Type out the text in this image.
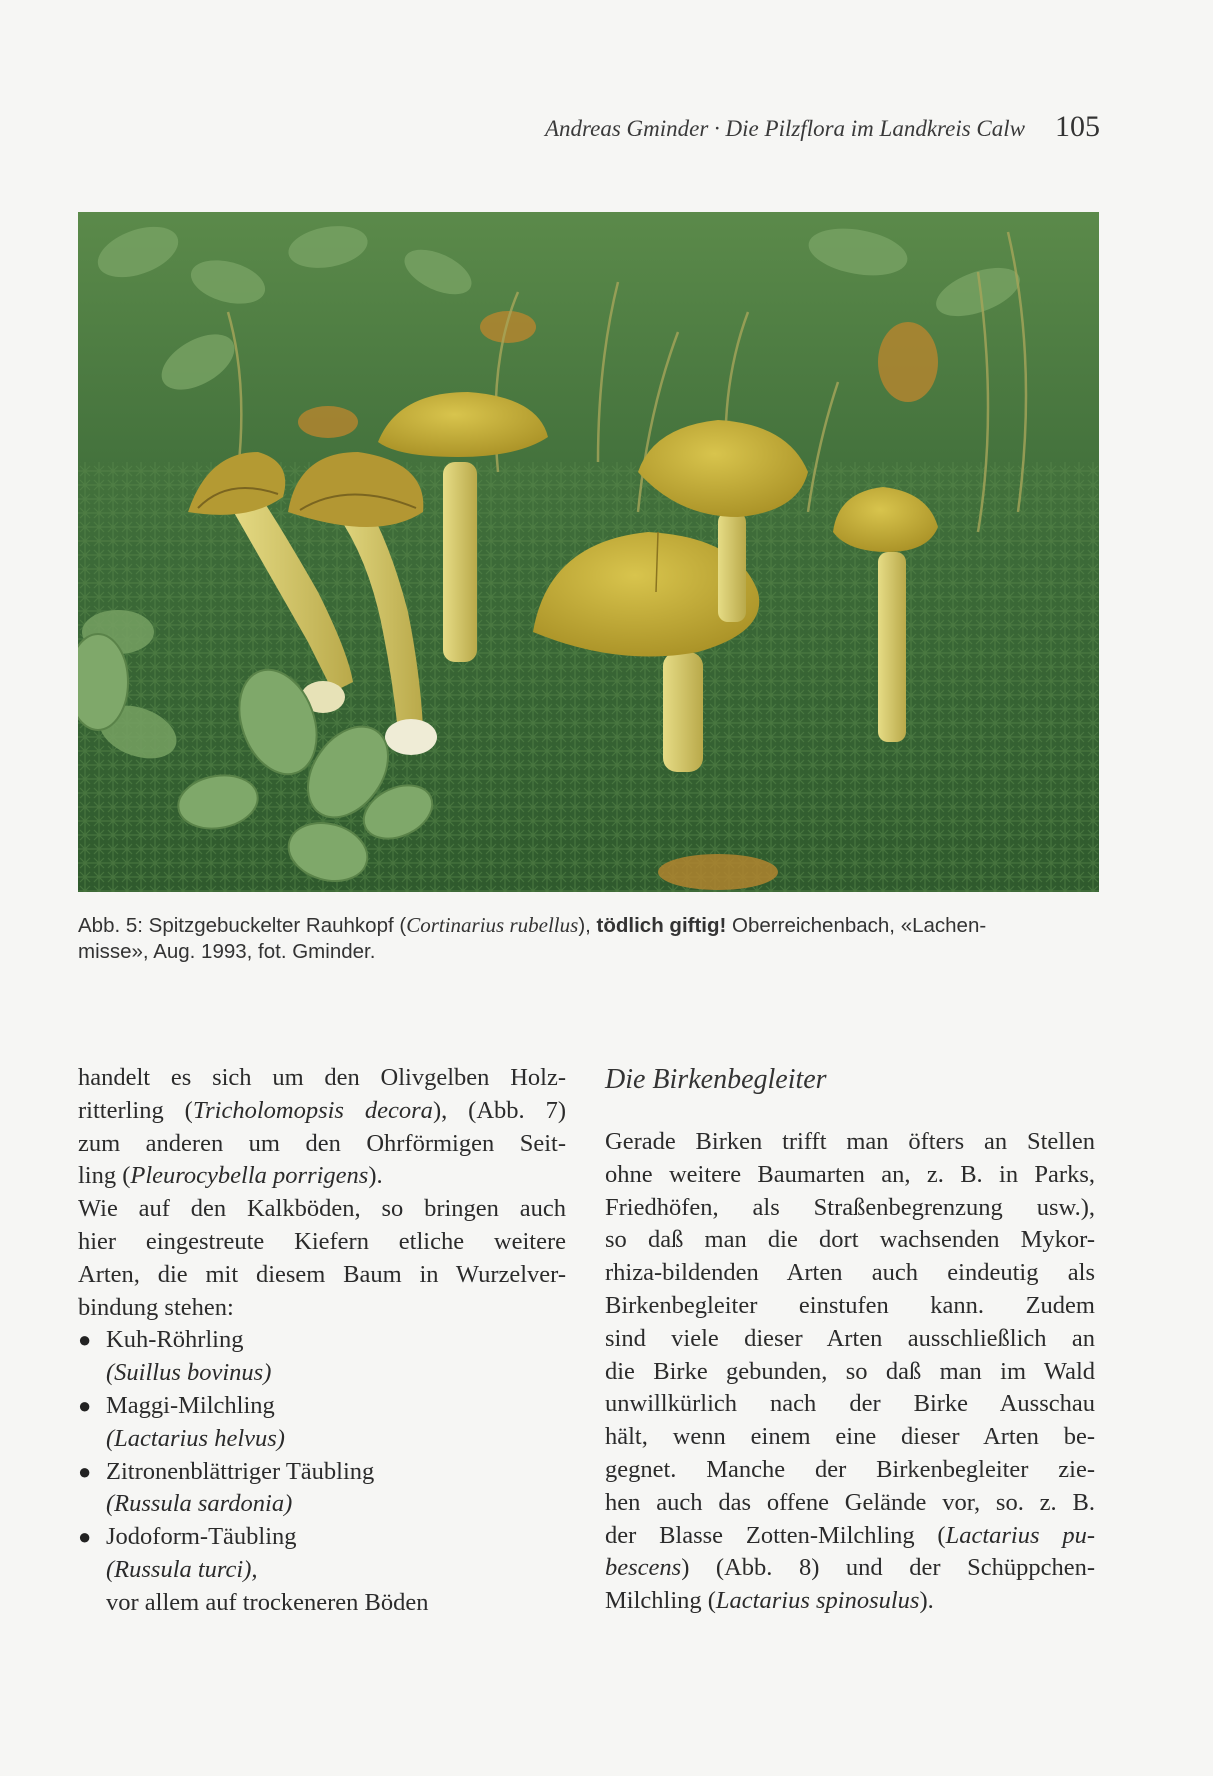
Andreas Gminder · Die Pilzflora im Landkreis Calw 105
Abb. 5: Spitzgebuckelter Rauhkopf (Cortinarius rubellus), tödlich giftig! Oberreichenbach, «Lachen-
misse», Aug. 1993, fot. Gminder.
handelt es sich um den Olivgelben Holz-
ritterling (Tricholomopsis decora), (Abb. 7)
zum anderen um den Ohrförmigen Seit-
ling (Pleurocybella porrigens).
Wie auf den Kalkböden, so bringen auch
hier eingestreute Kiefern etliche weitere
Arten, die mit diesem Baum in Wurzelver-
bindung stehen:
● Kuh-Röhrling
(Suillus bovinus)
● Maggi-Milchling
(Lactarius helvus)
● Zitronenblättriger Täubling
(Russula sardonia)
● Jodoform-Täubling
(Russula turci),
vor allem auf trockeneren Böden
Die Birkenbegleiter
Gerade Birken trifft man öfters an Stellen
ohne weitere Baumarten an, z. B. in Parks,
Friedhöfen, als Straßenbegrenzung usw.),
so daß man die dort wachsenden Mykor-
rhiza-bildenden Arten auch eindeutig als
Birkenbegleiter einstufen kann. Zudem
sind viele dieser Arten ausschließlich an
die Birke gebunden, so daß man im Wald
unwillkürlich nach der Birke Ausschau
hält, wenn einem eine dieser Arten be-
gegnet. Manche der Birkenbegleiter zie-
hen auch das offene Gelände vor, so. z. B.
der Blasse Zotten-Milchling (Lactarius pu-
bescens) (Abb. 8) und der Schüppchen-
Milchling (Lactarius spinosulus).
